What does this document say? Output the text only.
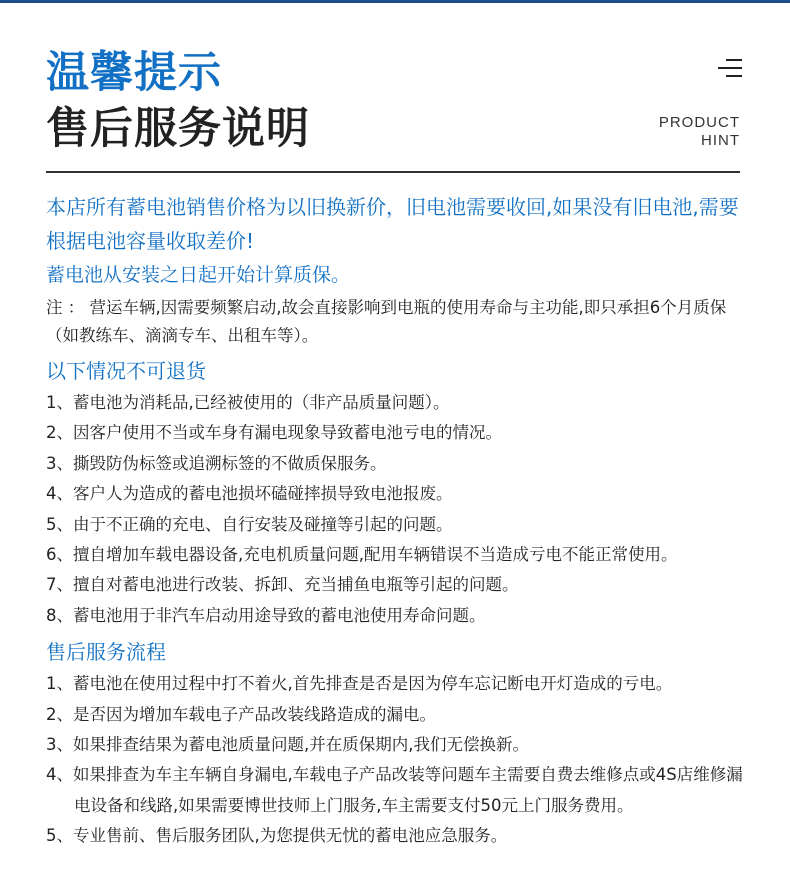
温馨提示
售后服务说明	PRODUCT
HINT
本店所有蓄电池销售价格为以旧换新价，旧电池需要收回,如果没有旧电池,需要根据电池容量收取差价!
蓄电池从安装之日起开始计算质保。
注 ： 营运车辆,因需要频繁启动,故会直接影响到电瓶的使用寿命与主功能,即只承担6个月质保（如教练车、滴滴专车、出租车等）。
以下情况不可退货
1、蓄电池为消耗品,已经被使用的（非产品质量问题）。
2、因客户使用不当或车身有漏电现象导致蓄电池亏电的情况。
3、撕毁防伪标签或追溯标签的不做质保服务。
4、客户人为造成的蓄电池损坏磕碰摔损导致电池报废。
5、由于不正确的充电、自行安装及碰撞等引起的问题。
6、擅自增加车载电器设备,充电机质量问题,配用车辆错误不当造成亏电不能正常使用。
7、擅自对蓄电池进行改装、拆卸、充当捕鱼电瓶等引起的问题。
8、蓄电池用于非汽车启动用途导致的蓄电池使用寿命问题。
售后服务流程
1、蓄电池在使用过程中打不着火,首先排查是否是因为停车忘记断电开灯造成的亏电。
2、是否因为增加车载电子产品改装线路造成的漏电。
3、如果排查结果为蓄电池质量问题,并在质保期内,我们无偿换新。
4、如果排查为车主车辆自身漏电,车载电子产品改装等问题车主需要自费去维修点或4S店维修漏电设备和线路,如果需要博世技师上门服务,车主需要支付50元上门服务费用。
5、专业售前、售后服务团队,为您提供无忧的蓄电池应急服务。
